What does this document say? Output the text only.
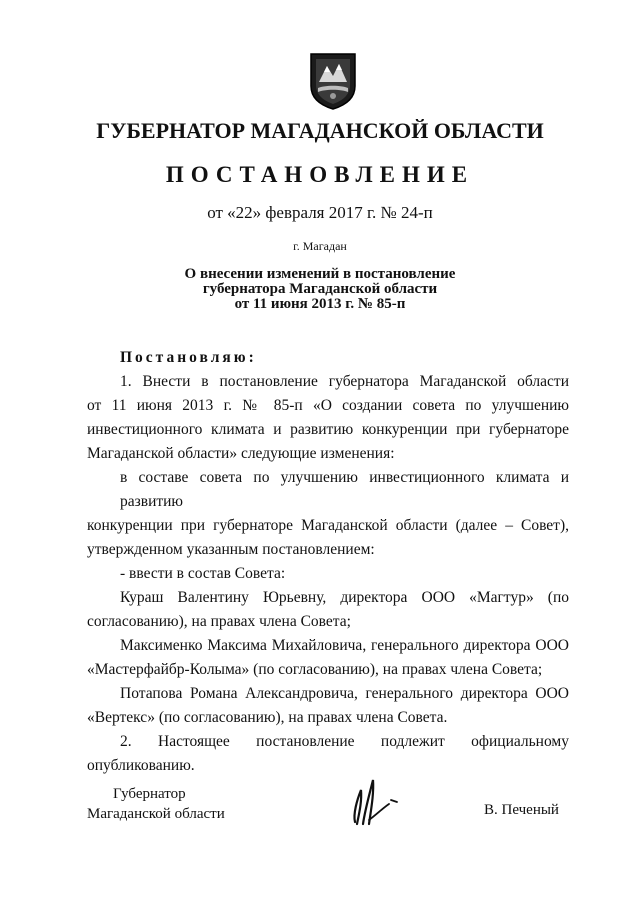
ГУБЕРНАТОР МАГАДАНСКОЙ ОБЛАСТИ
ПОСТАНОВЛЕНИЕ
от «22» февраля 2017 г. № 24-п
г. Магадан
О внесении изменений в постановление
губернатора Магаданской области
от 11 июня 2013 г. № 85-п

Постановляю:

1. Внести в постановление губернатора Магаданской области

от 11 июня 2013 г. № 85-п «О создании совета по улучшению инвестиционного климата и развитию конкуренции при губернаторе Магаданской области» следующие изменения:

в составе совета по улучшению инвестиционного климата и развитию

конкуренции при губернаторе Магаданской области (далее – Совет), утвержденном указанным постановлением:

- ввести в состав Совета:

Кураш Валентину Юрьевну, директора ООО «Магтур» (по согласованию), на правах члена Совета;

Максименко Максима Михайловича, генерального директора ООО «Мастерфайбр-Колыма» (по согласованию), на правах члена Совета;

Потапова Романа Александровича, генерального директора ООО «Вертекс» (по согласованию), на правах члена Совета.

2. Настоящее постановление подлежит официальному опубликованию.

Губернатор
Магаданской области	В. Печеный
